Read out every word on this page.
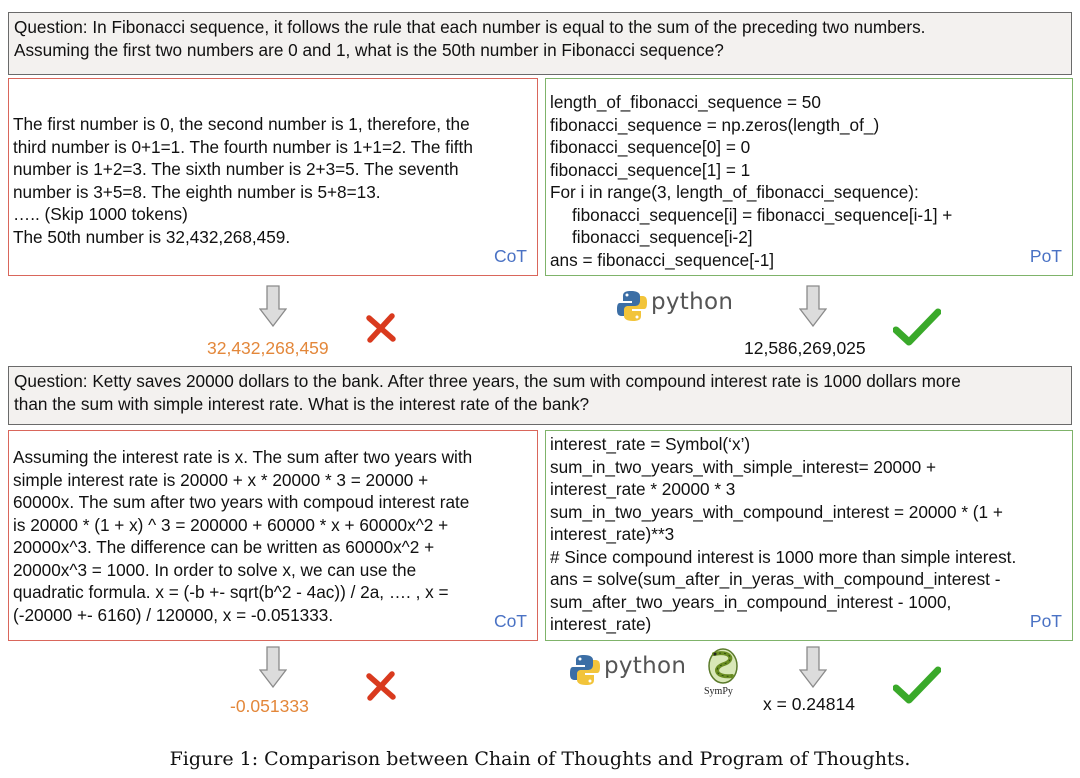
Question: In Fibonacci sequence, it follows the rule that each number is equal to the sum of the preceding two numbers.
Assuming the first two numbers are 0 and 1, what is the 50th number in Fibonacci sequence?
The first number is 0, the second number is 1, therefore, the
third number is 0+1=1. The fourth number is 1+1=2. The fifth
number is 1+2=3. The sixth number is 2+3=5. The seventh
number is 3+5=8. The eighth number is 5+8=13.
….. (Skip 1000 tokens)
The 50th number is 32,432,268,459.
CoT
length_of_fibonacci_sequence = 50
fibonacci_sequence = np.zeros(length_of_)
fibonacci_sequence[0] = 0
fibonacci_sequence[1] = 1
For i in range(3, length_of_fibonacci_sequence):
fibonacci_sequence[i] = fibonacci_sequence[i-1] +
fibonacci_sequence[i-2]
ans = fibonacci_sequence[-1]	PoT
32,432,268,459
python
12,586,269,025
Question: Ketty saves 20000 dollars to the bank. After three years, the sum with compound interest rate is 1000 dollars more
than the sum with simple interest rate. What is the interest rate of the bank?
Assuming the interest rate is x. The sum after two years with
simple interest rate is 20000 + x * 20000 * 3 = 20000 +
60000x. The sum after two years with compoud interest rate
is 20000 * (1 + x) ^ 3 = 200000 + 60000 * x + 60000x^2 +
20000x^3. The difference can be written as 60000x^2 +
20000x^3 = 1000. In order to solve x, we can use the
quadratic formula. x = (-b +- sqrt(b^2 - 4ac)) / 2a, …. , x =
(-20000 +- 6160) / 120000, x = -0.051333.	CoT
interest_rate = Symbol(‘x’)
sum_in_two_years_with_simple_interest= 20000 +
interest_rate * 20000 * 3
sum_in_two_years_with_compound_interest = 20000 * (1 +
interest_rate)**3
# Since compound interest is 1000 more than simple interest.
ans = solve(sum_after_in_yeras_with_compound_interest -
sum_after_two_years_in_compound_interest - 1000,
interest_rate)	PoT
-0.051333
python
SymPy
x = 0.24814
Figure 1: Comparison between Chain of Thoughts and Program of Thoughts.
